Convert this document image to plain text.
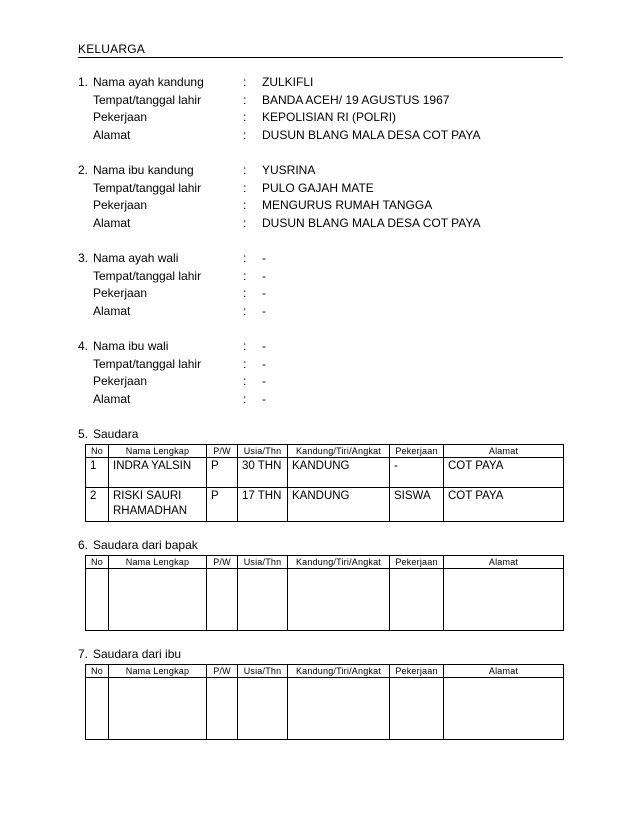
KELUARGA
1. Nama ayah kandung	: ZULKIFLI
Tempat/tanggal lahir	: BANDA ACEH/ 19 AGUSTUS 1967
Pekerjaan	: KEPOLISIAN RI (POLRI)
Alamat	: DUSUN BLANG MALA DESA COT PAYA
2. Nama ibu kandung	: YUSRINA
Tempat/tanggal lahir	: PULO GAJAH MATE
Pekerjaan	: MENGURUS RUMAH TANGGA
Alamat	: DUSUN BLANG MALA DESA COT PAYA
3. Nama ayah wali	: -
Tempat/tanggal lahir	: -
Pekerjaan	: -
Alamat	: -
4. Nama ibu wali	: -
Tempat/tanggal lahir	: -
Pekerjaan	: -
Alamat	: -
5. Saudara
No	Nama Lengkap	P/W	Usia/Thn	Kandung/Tiri/Angkat	Pekerjaan	Alamat
1	INDRA YALSIN	P	30 THN	KANDUNG	-	COT PAYA
2	RISKI SAURI RHAMADHAN	P	17 THN	KANDUNG	SISWA	COT PAYA
6. Saudara dari bapak
No	Nama Lengkap	P/W	Usia/Thn	Kandung/Tiri/Angkat	Pekerjaan	Alamat

7. Saudara dari ibu
No	Nama Lengkap	P/W	Usia/Thn	Kandung/Tiri/Angkat	Pekerjaan	Alamat
